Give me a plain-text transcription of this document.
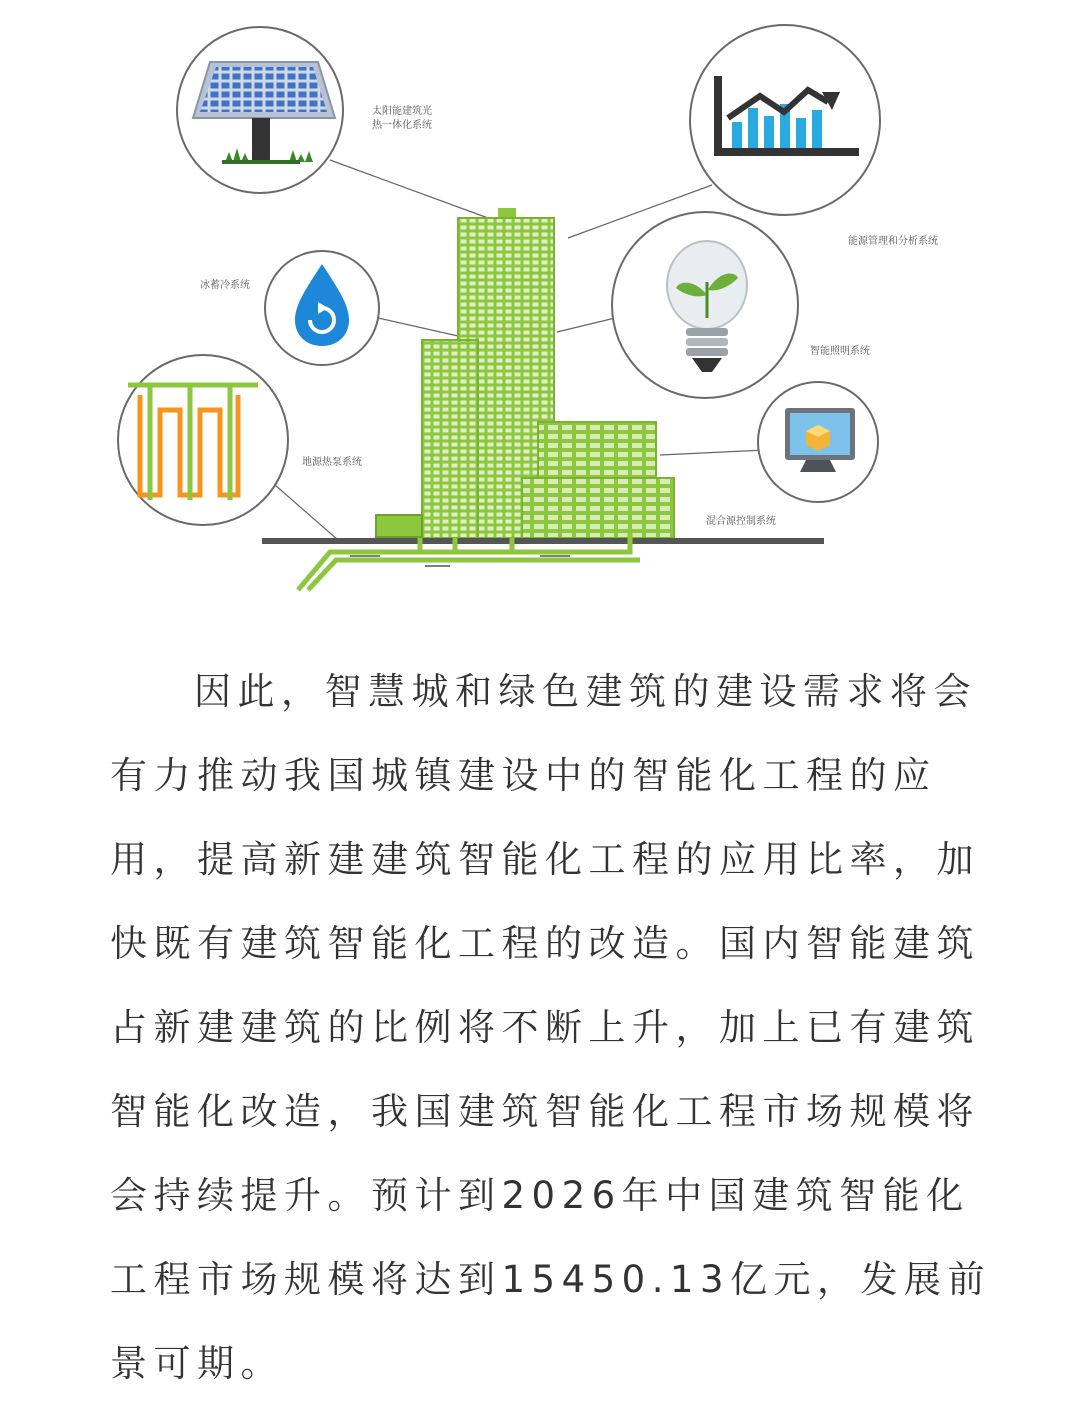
太阳能建筑光
热一体化系统
能源管理和分析系统
冰蓄冷系统
智能照明系统
混合源控制系统
地源热泵系统
因此，智慧城和绿色建筑的建设需求将会
有力推动我国城镇建设中的智能化工程的应
用，提高新建建筑智能化工程的应用比率，加
快既有建筑智能化工程的改造。国内智能建筑
占新建建筑的比例将不断上升，加上已有建筑
智能化改造，我国建筑智能化工程市场规模将
会持续提升。预计到2026年中国建筑智能化
工程市场规模将达到15450.13亿元，发展前
景可期。
